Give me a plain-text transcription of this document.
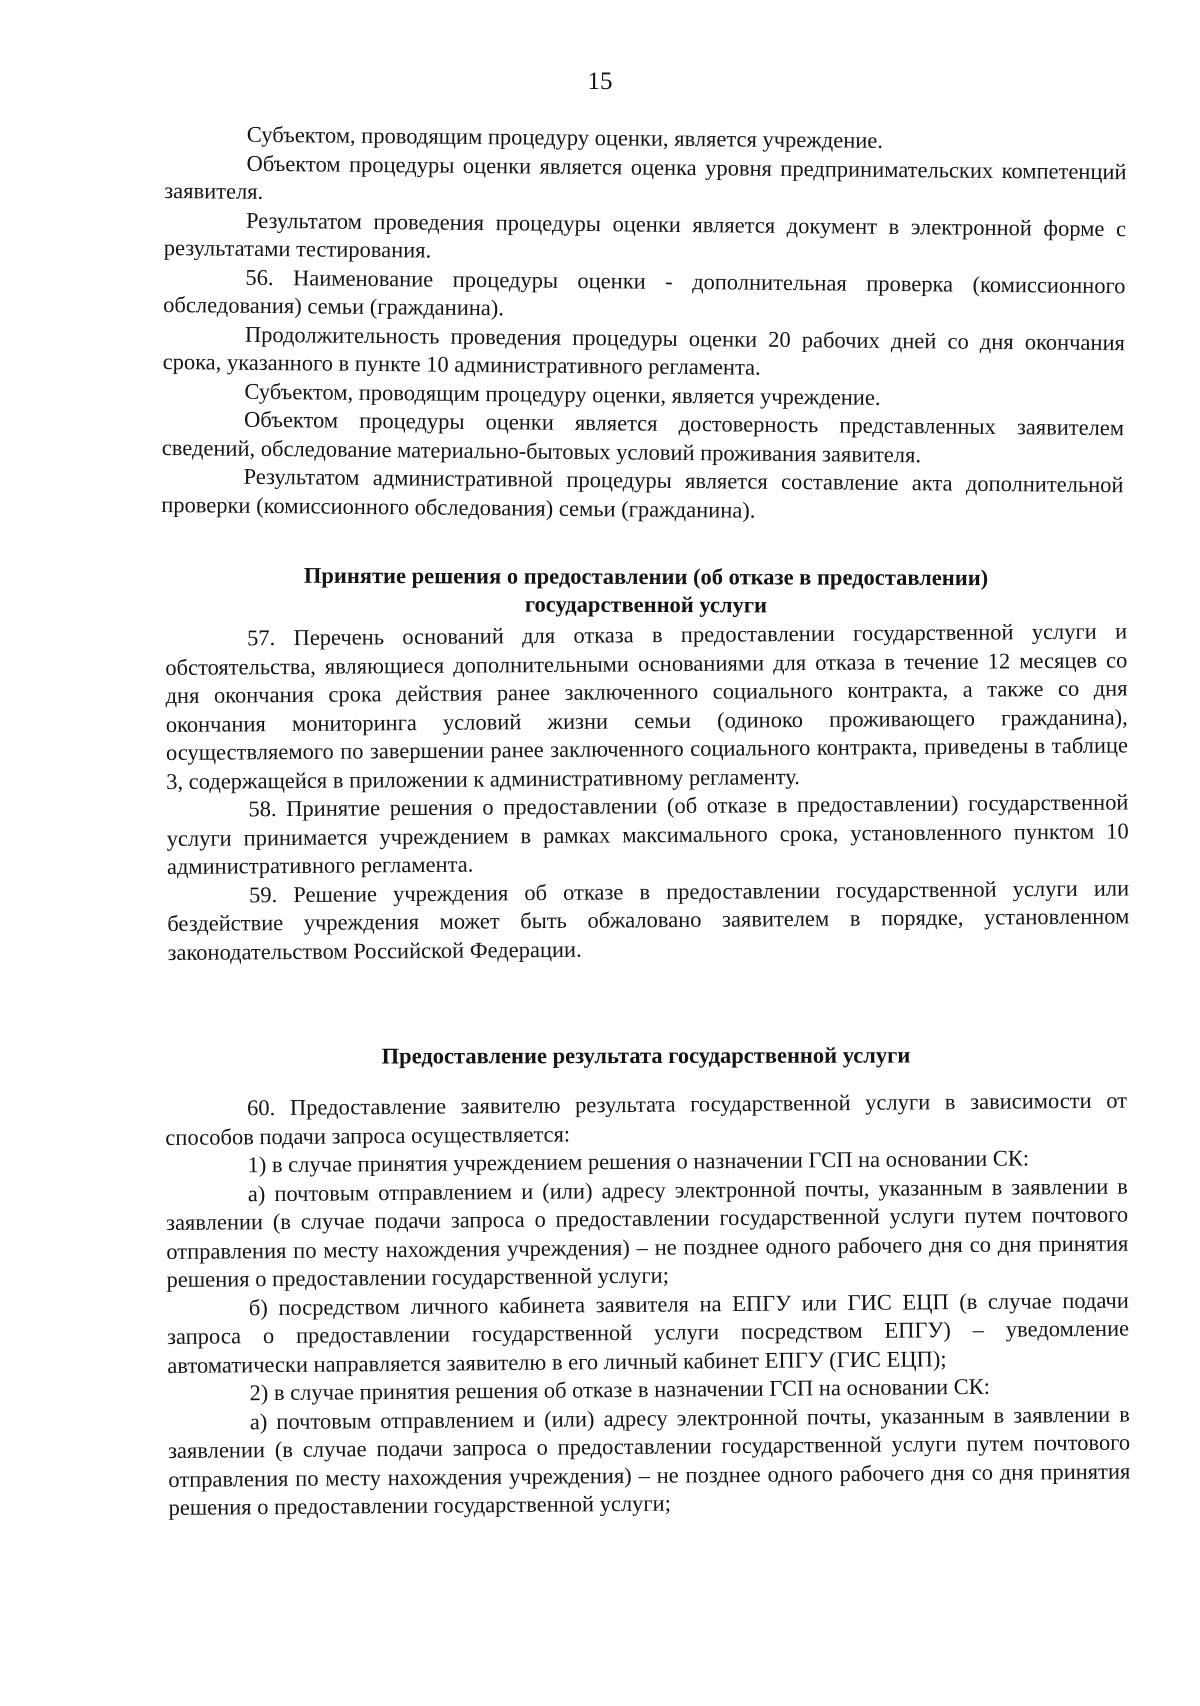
15

Субъектом, проводящим процедуру оценки, является учреждение.

Объектом процедуры оценки является оценка уровня предпринимательских компетенций заявителя.

Результатом проведения процедуры оценки является документ в электронной форме с результатами тестирования.

56. Наименование процедуры оценки - дополнительная проверка (комиссионного обследования) семьи (гражданина).

Продолжительность проведения процедуры оценки 20 рабочих дней со дня окончания срока, указанного в пункте 10 административного регламента.

Субъектом, проводящим процедуру оценки, является учреждение.

Объектом процедуры оценки является достоверность представленных заявителем сведений, обследование материально-бытовых условий проживания заявителя.

Результатом административной процедуры является составление акта дополнительной проверки (комиссионного обследования) семьи (гражданина).

Принятие решения о предоставлении (об отказе в предоставлении)
государственной услуги

57. Перечень оснований для отказа в предоставлении государственной услуги и обстоятельства, являющиеся дополнительными основаниями для отказа в течение 12 месяцев со дня окончания срока действия ранее заключенного социального контракта, а также со дня окончания мониторинга условий жизни семьи (одиноко проживающего гражданина), осуществляемого по завершении ранее заключенного социального контракта, приведены в таблице 3, содержащейся в приложении к административному регламенту.

58. Принятие решения о предоставлении (об отказе в предоставлении) государственной услуги принимается учреждением в рамках максимального срока, установленного пунктом 10 административного регламента.

59. Решение учреждения об отказе в предоставлении государственной услуги или бездействие учреждения может быть обжаловано заявителем в порядке, установленном законодательством Российской Федерации.

Предоставление результата государственной услуги

60. Предоставление заявителю результата государственной услуги в зависимости от способов подачи запроса осуществляется:

1) в случае принятия учреждением решения о назначении ГСП на основании СК:

а) почтовым отправлением и (или) адресу электронной почты, указанным в заявлении в заявлении (в случае подачи запроса о предоставлении государственной услуги путем почтового отправления по месту нахождения учреждения) – не позднее одного рабочего дня со дня принятия решения о предоставлении государственной услуги;

б) посредством личного кабинета заявителя на ЕПГУ или ГИС ЕЦП (в случае подачи запроса о предоставлении государственной услуги посредством ЕПГУ) – уведомление автоматически направляется заявителю в его личный кабинет ЕПГУ (ГИС ЕЦП);

2) в случае принятия решения об отказе в назначении ГСП на основании СК:

а) почтовым отправлением и (или) адресу электронной почты, указанным в заявлении в заявлении (в случае подачи запроса о предоставлении государственной услуги путем почтового отправления по месту нахождения учреждения) – не позднее одного рабочего дня со дня принятия решения о предоставлении государственной услуги;
